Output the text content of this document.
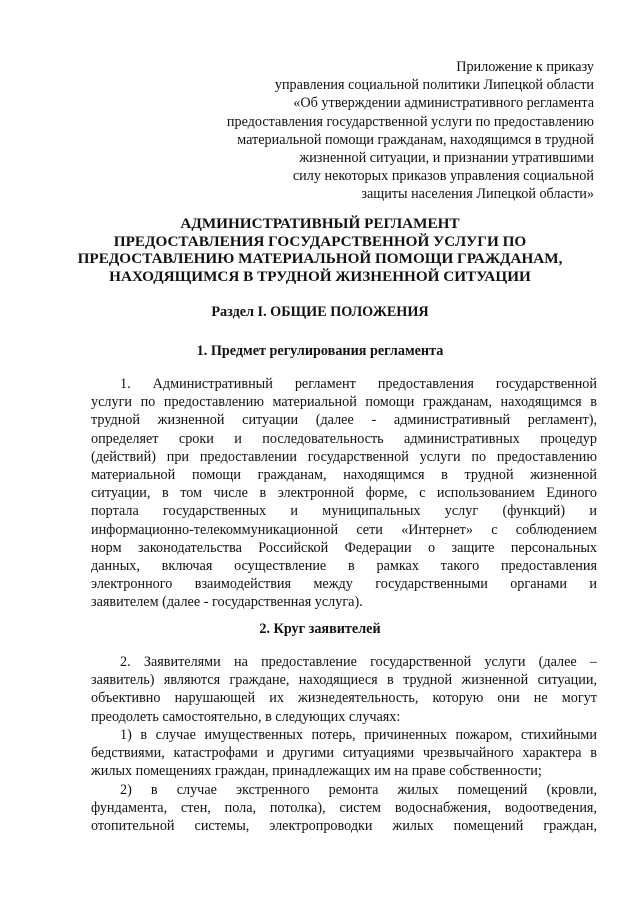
Приложение к приказу
управления социальной политики Липецкой области
«Об утверждении административного регламента
предоставления государственной услуги по предоставлению
материальной помощи гражданам, находящимся в трудной
жизненной ситуации, и признании утратившими
силу некоторых приказов управления социальной
защиты населения Липецкой области»
АДМИНИСТРАТИВНЫЙ РЕГЛАМЕНТ
ПРЕДОСТАВЛЕНИЯ ГОСУДАРСТВЕННОЙ УСЛУГИ ПО
ПРЕДОСТАВЛЕНИЮ МАТЕРИАЛЬНОЙ ПОМОЩИ ГРАЖДАНАМ,
НАХОДЯЩИМСЯ В ТРУДНОЙ ЖИЗНЕННОЙ СИТУАЦИИ
Раздел I. ОБЩИЕ ПОЛОЖЕНИЯ
1. Предмет регулирования регламента
1. Административный регламент предоставления государственной
услуги по предоставлению материальной помощи гражданам, находящимся в
трудной жизненной ситуации (далее - административный регламент),
определяет сроки и последовательность административных процедур
(действий) при предоставлении государственной услуги по предоставлению
материальной помощи гражданам, находящимся в трудной жизненной
ситуации, в том числе в электронной форме, с использованием Единого
портала государственных и муниципальных услуг (функций) и
информационно-телекоммуникационной сети «Интернет» с соблюдением
норм законодательства Российской Федерации о защите персональных
данных, включая осуществление в рамках такого предоставления
электронного взаимодействия между государственными органами и
заявителем (далее - государственная услуга).
2. Круг заявителей
2. Заявителями на предоставление государственной услуги (далее –
заявитель) являются граждане, находящиеся в трудной жизненной ситуации,
объективно нарушающей их жизнедеятельность, которую они не могут
преодолеть самостоятельно, в следующих случаях:
1) в случае имущественных потерь, причиненных пожаром, стихийными
бедствиями, катастрофами и другими ситуациями чрезвычайного характера в
жилых помещениях граждан, принадлежащих им на праве собственности;
2) в случае экстренного ремонта жилых помещений (кровли,
фундамента, стен, пола, потолка), систем водоснабжения, водоотведения,
отопительной системы, электропроводки жилых помещений граждан,
